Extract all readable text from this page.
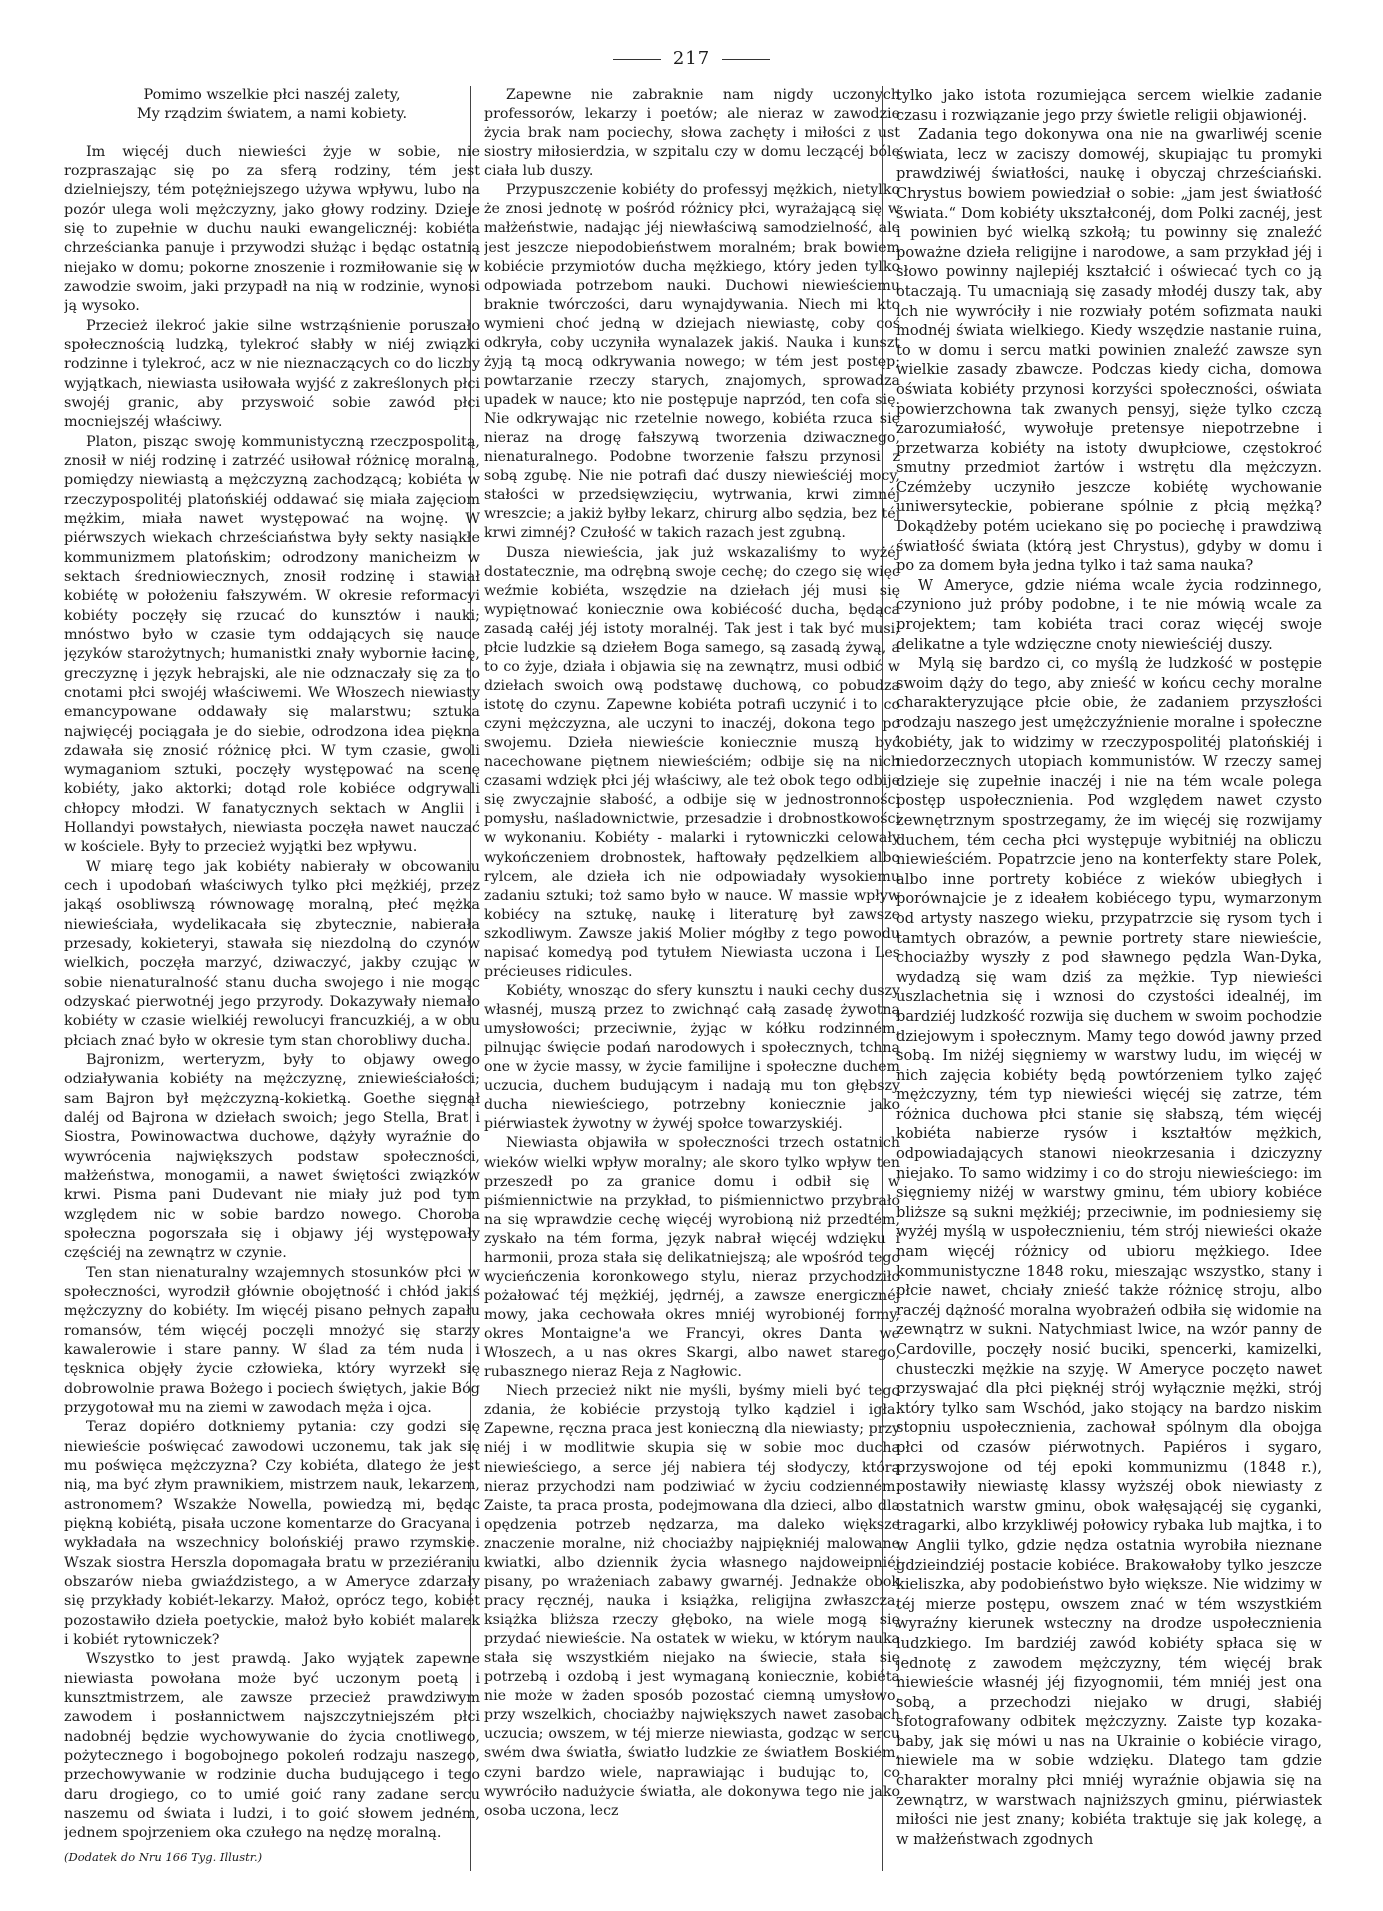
217
Pomimo wszelkie płci naszéj zalety,
My rządzim światem, a nami kobiety.

Im więcéj duch niewieści żyje w sobie, nie rozpraszając się po za sferą rodziny, tém jest dzielniejszy, tém potężniejszego używa wpływu, lubo na pozór ulega woli mężczyzny, jako głowy rodziny. Dzieje się to zupełnie w duchu nauki ewangelicznéj: kobiéta chrześcianka panuje i przywodzi służąc i będąc ostatnią niejako w domu; pokorne znoszenie i rozmiłowanie się w zawodzie swoim, jaki przypadł na nią w rodzinie, wynosi ją wysoko.

Przecież ilekroć jakie silne wstrząśnienie poruszało społecznością ludzką, tylekroć słabły w niéj związki rodzinne i tylekroć, acz w nie nieznaczących co do liczby wyjątkach, niewiasta usiłowała wyjść z zakreślonych płci swojéj granic, aby przyswoić sobie zawód płci mocniejszéj właściwy.

Platon, pisząc swoję kommunistyczną rzeczpospolitą, znosił w niéj rodzinę i zatrzéć usiłował różnicę moralną, pomiędzy niewiastą a mężczyzną zachodzącą; kobiéta w rzeczypospolitéj platońskiéj oddawać się miała zajęciom mężkim, miała nawet występować na wojnę. W piérwszych wiekach chrześciaństwa były sekty nasiąkłe kommunizmem platońskim; odrodzony manicheizm w sektach średniowiecznych, znosił rodzinę i stawiał kobiétę w położeniu fałszywém. W okresie reformacyi kobiéty poczęły się rzucać do kunsztów i nauki; mnóstwo było w czasie tym oddających się nauce języków starożytnych; humanistki znały wybornie łacinę, greczyznę i język hebrajski, ale nie odznaczały się za to cnotami płci swojéj właściwemi. We Włoszech niewiasty emancypowane oddawały się malarstwu; sztuka najwięcéj pociągała je do siebie, odrodzona idea piękna zdawała się znosić różnicę płci. W tym czasie, gwoli wymaganiom sztuki, poczęły występować na scenę kobiéty, jako aktorki; dotąd role kobiéce odgrywali chłopcy młodzi. W fanatycznych sektach w Anglii i Hollandyi powstałych, niewiasta poczęła nawet nauczać w kościele. Były to przecież wyjątki bez wpływu.

W miarę tego jak kobiéty nabierały w obcowaniu cech i upodobań właściwych tylko płci mężkiéj, przez jakąś osobliwszą równowagę moralną, płeć mężka niewieściała, wydelikacała się zbytecznie, nabierała przesady, kokieteryi, stawała się niezdolną do czynów wielkich, poczęła marzyć, dziwaczyć, jakby czując w sobie nienaturalność stanu ducha swojego i nie mogąc odzyskać pierwotnéj jego przyrody. Dokazywały niemało kobiéty w czasie wielkiéj rewolucyi francuzkiéj, a w obu płciach znać było w okresie tym stan chorobliwy ducha.

Bajronizm, werteryzm, były to objawy owego odziaływania kobiéty na mężczyznę, zniewieściałości; sam Bajron był mężczyzną-kokietką. Goethe sięgnął daléj od Bajrona w dziełach swoich; jego Stella, Brat i Siostra, Powinowactwa duchowe, dążyły wyraźnie do wywrócenia największych podstaw społeczności, małżeństwa, monogamii, a nawet świętości związków krwi. Pisma pani Dudevant nie miały już pod tym względem nic w sobie bardzo nowego. Choroba społeczna pogorszała się i objawy jéj występowały częściéj na zewnątrz w czynie.

Ten stan nienaturalny wzajemnych stosunków płci w społeczności, wyrodził głównie obojętność i chłód jakiś mężczyzny do kobiéty. Im więcéj pisano pełnych zapału romansów, tém więcéj poczęli mnożyć się starzy kawalerowie i stare panny. W ślad za tém nuda i tęsknica objęły życie człowieka, który wyrzekł się dobrowolnie prawa Bożego i pociech świętych, jakie Bóg przygotował mu na ziemi w zawodach męża i ojca.

Teraz dopiéro dotkniemy pytania: czy godzi się niewieście poświęcać zawodowi uczonemu, tak jak się mu poświęca mężczyzna? Czy kobiéta, dlatego że jest nią, ma być złym prawnikiem, mistrzem nauk, lekarzem, astronomem? Wszakże Nowella, powiedzą mi, będąc piękną kobiétą, pisała uczone komentarze do Gracyana i wykładała na wszechnicy bolońskiéj prawo rzymskie. Wszak siostra Herszla dopomagała bratu w przeziéraniu obszarów nieba gwiaździstego, a w Ameryce zdarzały się przykłady kobiét-lekarzy. Małoż, oprócz tego, kobiét pozostawiło dzieła poetyckie, małoż było kobiét malarek i kobiét rytowniczek?

Wszystko to jest prawdą. Jako wyjątek zapewne niewiasta powołana może być uczonym poetą i kunsztmistrzem, ale zawsze przecież prawdziwym zawodem i posłannictwem najszczytniejszém płci nadobnéj będzie wychowywanie do życia cnotliwego, pożytecznego i bogobojnego pokoleń rodzaju naszego, przechowywanie w rodzinie ducha budującego i tego daru drogiego, co to umié goić rany zadane sercu naszemu od świata i ludzi, i to goić słowem jedném, jednem spojrzeniem oka czułego na nędzę moralną.

(Dodatek do Nru 166 Tyg. Illustr.)

Zapewne nie zabraknie nam nigdy uczonych professorów, lekarzy i poetów; ale nieraz w zawodzie życia brak nam pociechy, słowa zachęty i miłości z ust siostry miłosierdzia, w szpitalu czy w domu leczącéj bóle ciała lub duszy.

Przypuszczenie kobiéty do professyj mężkich, nietylko że znosi jednotę w pośród różnicy płci, wyrażającą się w małżeństwie, nadając jéj niewłaściwą samodzielność, ale jest jeszcze niepodobieństwem moralném; brak bowiem kobiécie przymiotów ducha mężkiego, który jeden tylko odpowiada potrzebom nauki. Duchowi niewieściemu braknie twórczości, daru wynajdywania. Niech mi kto wymieni choć jedną w dziejach niewiastę, coby coś odkryła, coby uczyniła wynalazek jakiś. Nauka i kunszt żyją tą mocą odkrywania nowego; w tém jest postęp; powtarzanie rzeczy starych, znajomych, sprowadza upadek w nauce; kto nie postępuje naprzód, ten cofa się. Nie odkrywając nic rzetelnie nowego, kobiéta rzuca się nieraz na drogę fałszywą tworzenia dziwacznego, nienaturalnego. Podobne tworzenie fałszu przynosi z sobą zgubę. Nie nie potrafi dać duszy niewieściéj mocy, stałości w przedsięwzięciu, wytrwania, krwi zimnéj wreszcie; a jakiż byłby lekarz, chirurg albo sędzia, bez téj krwi zimnéj? Czułość w takich razach jest zgubną.

Dusza niewieścia, jak już wskazaliśmy to wyżéj dostatecznie, ma odrębną swoje cechę; do czego się więc weźmie kobiéta, wszędzie na dziełach jéj musi się wypiętnować koniecznie owa kobiécość ducha, będąca zasadą całéj jéj istoty moralnéj. Tak jest i tak być musi; płcie ludzkie są dziełem Boga samego, są zasadą żywą, a to co żyje, działa i objawia się na zewnątrz, musi odbić w dziełach swoich ową podstawę duchową, co pobudza istotę do czynu. Zapewne kobiéta potrafi uczynić i to co czyni mężczyzna, ale uczyni to inaczéj, dokona tego po swojemu. Dzieła niewieście koniecznie muszą być nacechowane piętnem niewieściém; odbije się na nich czasami wdzięk płci jéj właściwy, ale też obok tego odbije się zwyczajnie słabość, a odbije się w jednostronności pomysłu, naśladownictwie, przesadzie i drobnostkowości w wykonaniu. Kobiéty - malarki i rytowniczki celowały wykończeniem drobnostek, haftowały pędzelkiem albo rylcem, ale dzieła ich nie odpowiadały wysokiemu zadaniu sztuki; toż samo było w nauce. W massie wpływ kobiécy na sztukę, naukę i literaturę był zawsze szkodliwym. Zawsze jakiś Molier mógłby z tego powodu napisać komedyą pod tytułem Niewiasta uczona i Les précieuses ridicules.

Kobiéty, wnosząc do sfery kunsztu i nauki cechy duszy własnéj, muszą przez to zwichnąć całą zasadę żywotną umysłowości; przeciwnie, żyjąc w kółku rodzinném, pilnując święcie podań narodowych i społecznych, tchną one w życie massy, w życie familijne i społeczne duchem uczucia, duchem budującym i nadają mu ton głębszy ducha niewieściego, potrzebny koniecznie jako piérwiastek żywotny w żywéj społce towarzyskiéj.

Niewiasta objawiła w społeczności trzech ostatnich wieków wielki wpływ moralny; ale skoro tylko wpływ ten przeszedł po za granice domu i odbił się w piśmiennictwie na przykład, to piśmiennictwo przybrało na się wprawdzie cechę więcéj wyrobioną niż przedtém, zyskało na tém forma, język nabrał więcéj wdzięku i harmonii, proza stała się delikatniejszą; ale wpośród tego wycieńczenia koronkowego stylu, nieraz przychodziło pożałować téj mężkiéj, jędrnéj, a zawsze energicznéj mowy, jaka cechowała okres mniéj wyrobionéj formy, okres Montaigne'a we Francyi, okres Danta we Włoszech, a u nas okres Skargi, albo nawet starego, rubasznego nieraz Reja z Nagłowic.

Niech przecież nikt nie myśli, byśmy mieli być tego zdania, że kobiécie przystoją tylko kądziel i igła. Zapewne, ręczna praca jest konieczną dla niewiasty; przy niéj i w modlitwie skupia się w sobie moc ducha niewieściego, a serce jéj nabiera téj słodyczy, którą nieraz przychodzi nam podziwiać w życiu codzienném. Zaiste, ta praca prosta, podejmowana dla dzieci, albo dla opędzenia potrzeb nędzarza, ma daleko większe znaczenie moralne, niż chociażby najpiękniéj malowane kwiatki, albo dziennik życia własnego najdoweipniéj pisany, po wrażeniach zabawy gwarnéj. Jednakże obok pracy ręcznéj, nauka i książka, religijna zwłaszcza, książka bliższa rzeczy głęboko, na wiele mogą się przydać niewieście. Na ostatek w wieku, w którym nauka stała się wszystkiém niejako na świecie, stała się potrzebą i ozdobą i jest wymaganą koniecznie, kobiéta nie może w żaden sposób pozostać ciemną umysłowo, przy wszelkich, chociażby największych nawet zasobach uczucia; owszem, w téj mierze niewiasta, godząc w sercu swém dwa światła, światło ludzkie ze światłem Boskiém, czyni bardzo wiele, naprawiając i budując to, co wywróciło nadużycie światła, ale dokonywa tego nie jako osoba uczona, lecz

tylko jako istota rozumiejąca sercem wielkie zadanie czasu i rozwiązanie jego przy świetle religii objawionéj.

Zadania tego dokonywa ona nie na gwarliwéj scenie świata, lecz w zaciszy domowéj, skupiając tu promyki prawdziwéj światłości, naukę i obyczaj chrześciański. Chrystus bowiem powiedział o sobie: „jam jest światłość świata.“ Dom kobiéty ukształconéj, dom Polki zacnéj, jest i powinien być wielką szkołą; tu powinny się znaleźć poważne dzieła religijne i narodowe, a sam przykład jéj i słowo powinny najlepiéj kształcić i oświecać tych co ją otaczają. Tu umacniają się zasady młodéj duszy tak, aby ich nie wywróciły i nie rozwiały potém sofizmata nauki modnéj świata wielkiego. Kiedy wszędzie nastanie ruina, to w domu i sercu matki powinien znaleźć zawsze syn wielkie zasady zbawcze. Podczas kiedy cicha, domowa oświata kobiéty przynosi korzyści społeczności, oświata powierzchowna tak zwanych pensyj, sięże tylko czczą zarozumiałość, wywołuje pretensye niepotrzebne i przetwarza kobiéty na istoty dwupłciowe, częstokroć smutny przedmiot żartów i wstrętu dla mężczyzn. Czémżeby uczyniło jeszcze kobiétę wychowanie uniwersyteckie, pobierane spólnie z płcią mężką? Dokądżeby potém uciekano się po pociechę i prawdziwą światłość świata (którą jest Chrystus), gdyby w domu i po za domem była jedna tylko i taż sama nauka?

W Ameryce, gdzie niéma wcale życia rodzinnego, czyniono już próby podobne, i te nie mówią wcale za projektem; tam kobiéta traci coraz więcéj swoje delikatne a tyle wdzięczne cnoty niewieściéj duszy.

Mylą się bardzo ci, co myślą że ludzkość w postępie swoim dąży do tego, aby znieść w końcu cechy moralne charakteryzujące płcie obie, że zadaniem przyszłości rodzaju naszego jest umężczyźnienie moralne i społeczne kobiéty, jak to widzimy w rzeczypospolitéj platońskiéj i niedorzecznych utopiach kommunistów. W rzeczy samej dzieje się zupełnie inaczéj i nie na tém wcale polega postęp uspołecznienia. Pod względem nawet czysto zewnętrznym spostrzegamy, że im więcéj się rozwijamy duchem, tém cecha płci występuje wybitniéj na obliczu niewieściém. Popatrzcie jeno na konterfekty stare Polek, albo inne portrety kobiéce z wieków ubiegłych i porównajcie je z ideałem kobiécego typu, wymarzonym od artysty naszego wieku, przypatrzcie się rysom tych i tamtych obrazów, a pewnie portrety stare niewieście, chociażby wyszły z pod sławnego pędzla Wan-Dyka, wydadzą się wam dziś za mężkie. Typ niewieści uszlachetnia się i wznosi do czystości idealnéj, im bardziéj ludzkość rozwija się duchem w swoim pochodzie dziejowym i społecznym. Mamy tego dowód jawny przed sobą. Im niżéj sięgniemy w warstwy ludu, im więcéj w nich zajęcia kobiéty będą powtórzeniem tylko zajęć mężczyzny, tém typ niewieści więcéj się zatrze, tém różnica duchowa płci stanie się słabszą, tém więcéj kobiéta nabierze rysów i kształtów mężkich, odpowiadających stanowi nieokrzesania i dziczyzny niejako. To samo widzimy i co do stroju niewieściego: im sięgniemy niżéj w warstwy gminu, tém ubiory kobiéce bliższe są sukni mężkiéj; przeciwnie, im podniesiemy się wyżéj myślą w uspołecznieniu, tém strój niewieści okaże nam więcéj różnicy od ubioru mężkiego. Idee kommunistyczne 1848 roku, mieszając wszystko, stany i płcie nawet, chciały znieść także różnicę stroju, albo raczéj dążność moralna wyobrażeń odbiła się widomie na zewnątrz w sukni. Natychmiast lwice, na wzór panny de Cardoville, poczęły nosić buciki, spencerki, kamizelki, chusteczki mężkie na szyję. W Ameryce poczęto nawet przyswajać dla płci pięknéj strój wyłącznie mężki, strój który tylko sam Wschód, jako stojący na bardzo niskim stopniu uspołecznienia, zachował spólnym dla obojga płci od czasów piérwotnych. Papiéros i sygaro, przyswojone od téj epoki kommunizmu (1848 r.), postawiły niewiastę klassy wyższéj obok niewiasty z ostatnich warstw gminu, obok wałęsającéj się cyganki, tragarki, albo krzykliwéj połowicy rybaka lub majtka, i to w Anglii tylko, gdzie nędza ostatnia wyrobiła nieznane gdzieindziéj postacie kobiéce. Brakowałoby tylko jeszcze kieliszka, aby podobieństwo było większe. Nie widzimy w téj mierze postępu, owszem znać w tém wszystkiém wyraźny kierunek wsteczny na drodze uspołecznienia ludzkiego. Im bardziéj zawód kobiéty spłaca się w jednotę z zawodem mężczyzny, tém więcéj brak niewieście własnéj jéj fizyognomii, tém mniéj jest ona sobą, a przechodzi niejako w drugi, słabiéj sfotografowany odbitek mężczyzny. Zaiste typ kozaka-baby, jak się mówi u nas na Ukrainie o kobiécie virago, niewiele ma w sobie wdzięku. Dlatego tam gdzie charakter moralny płci mniéj wyraźnie objawia się na zewnątrz, w warstwach najniższych gminu, piérwiastek miłości nie jest znany; kobiéta traktuje się jak kolegę, a w małżeństwach zgodnych
